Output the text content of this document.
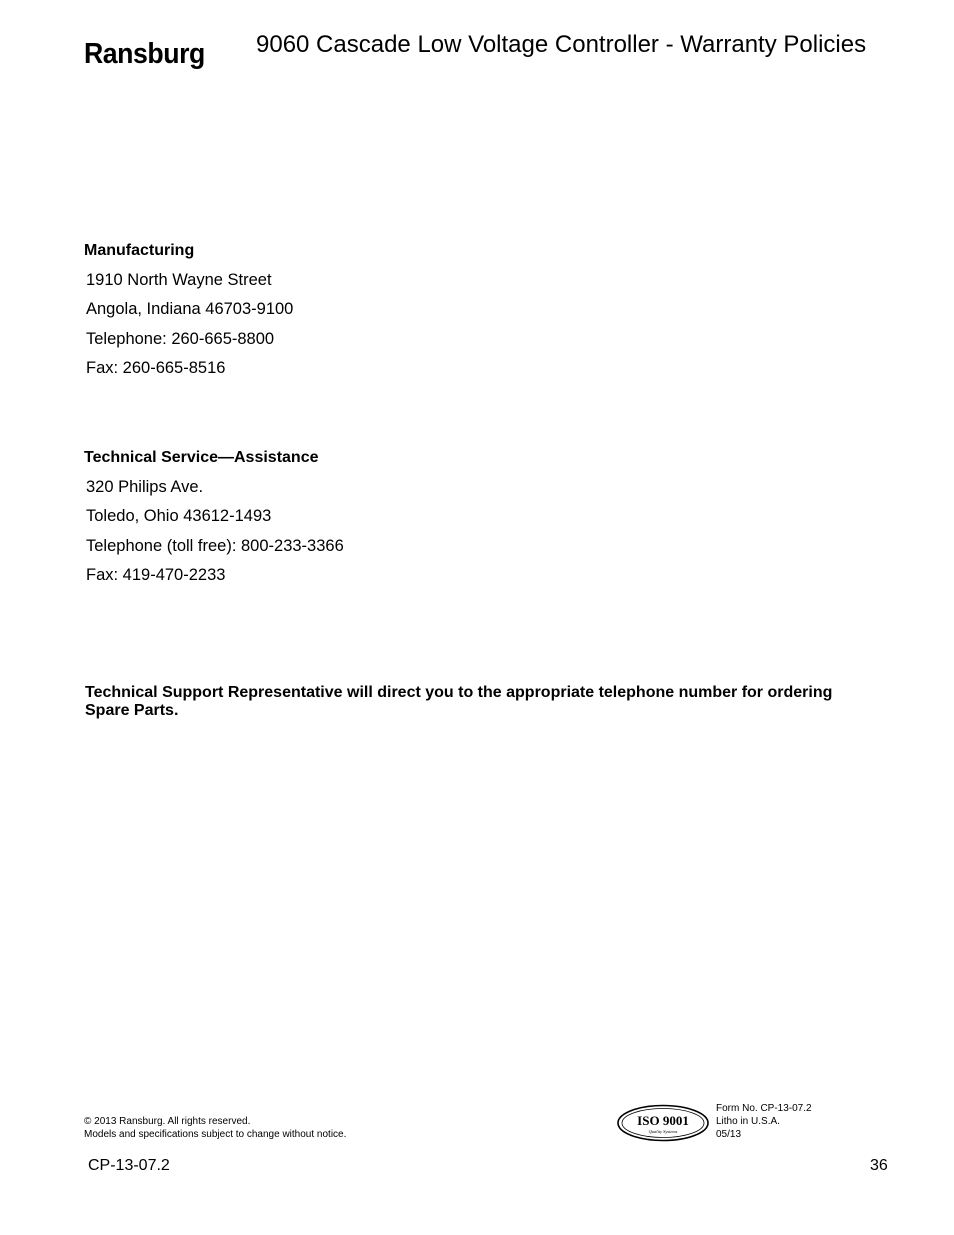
Ransburg 9060 Cascade Low Voltage Controller - Warranty Policies
Manufacturing
1910 North Wayne Street
Angola, Indiana 46703-9100
Telephone: 260-665-8800
Fax: 260-665-8516
Technical Service—Assistance
320 Philips Ave.
Toledo, Ohio 43612-1493
Telephone (toll free): 800-233-3366
Fax: 419-470-2233
Technical Support Representative will direct you to the appropriate telephone number for ordering Spare Parts.
© 2013 Ransburg. All rights reserved.
Models and specifications subject to change without notice.
ISO 9001
Quality Systems
Form No. CP-13-07.2
Litho in U.S.A.
05/13
CP-13-07.2	36
